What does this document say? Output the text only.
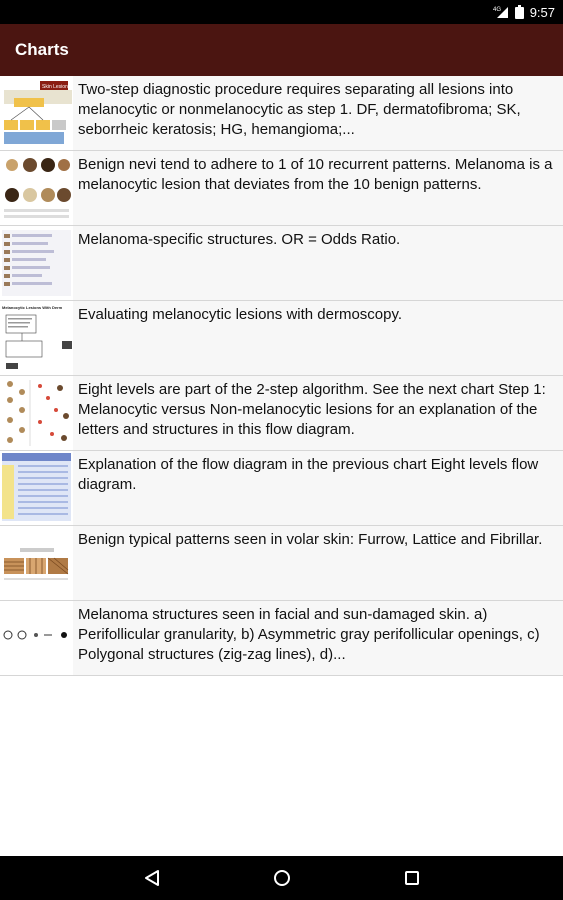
4G 9:57
Charts
Skin Lesion Two-step diagnostic procedure requires separating all lesions into melanocytic or nonmelanocytic as step 1. DF, dermatofibroma; SK, seborrheic keratosis; HG, hemangioma;...
Benign nevi tend to adhere to 1 of 10 recurrent patterns. Melanoma is a melanocytic lesion that deviates from the 10 benign patterns.
Melanoma-specific structures. OR = Odds Ratio.
Melanocytic Lesions With Derm	Evaluating melanocytic lesions with dermoscopy.
Eight levels are part of the 2-step algorithm. See the next chart Step 1: Melanocytic versus Non-melanocytic lesions for an explanation of the letters and structures in this flow diagram.
Explanation of the flow diagram in the previous chart Eight levels flow diagram.
Benign typical patterns seen in volar skin: Furrow, Lattice and Fibrillar.
Melanoma structures seen in facial and sun-damaged skin. a) Perifollicular granularity, b) Asymmetric gray perifollicular openings, c) Polygonal structures (zig-zag lines), d)...
